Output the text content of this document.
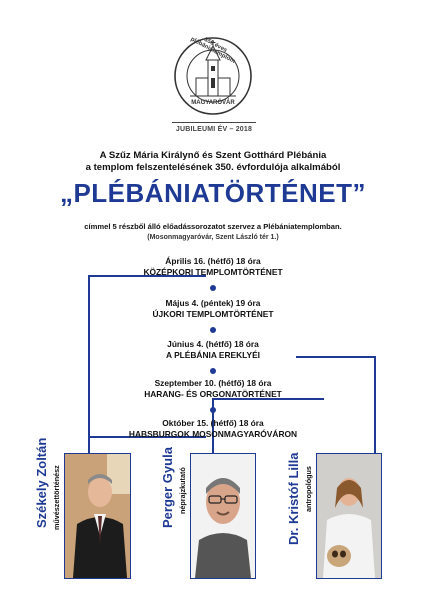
350 éves plébániatemplom
MAGYARÓVÁR
JUBILEUMI ÉV – 2018
A Szűz Mária Királynő és Szent Gotthárd Plébánia
a templom felszentelésének 350. évfordulója alkalmából
„PLÉBÁNIATÖRTÉNET”
címmel 5 részből álló előadássorozatot szervez a Plébániatemplomban.
(Mosonmagyaróvár, Szent László tér 1.)
Április 16. (hétfő) 18 óra
KÖZÉPKORI TEMPLOMTÖRTÉNET
Május 4. (péntek) 19 óra
ÚJKORI TEMPLOMTÖRTÉNET
Június 4. (hétfő) 18 óra
A PLÉBÁNIA EREKLYÉI
Szeptember 10. (hétfő) 18 óra
HARANG- ÉS ORGONATÖRTÉNET
Október 15. (hétfő) 18 óra
HABSBURGOK MOSONMAGYARÓVÁRON
Székely Zoltán művészettörténész	Perger Gyula néprajzkutató	Dr. Kristóf Lilla antropológus
